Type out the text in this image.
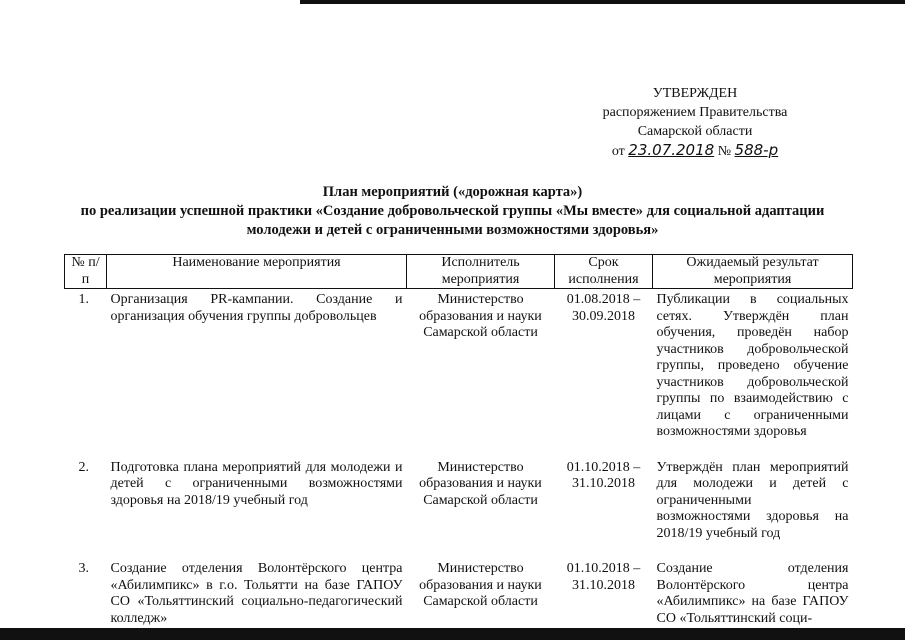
УТВЕРЖДЕН
распоряжением Правительства
Самарской области
от 23.07.2018 № 588-р
План мероприятий («дорожная карта»)
по реализации успешной практики «Создание добровольческой группы «Мы вместе» для социальной адаптации
молодежи и детей с ограниченными возможностями здоровья»
№ п/п	Наименование мероприятия	Исполнитель мероприятия	Срок исполнения	Ожидаемый результат мероприятия
1.	Организация PR-кампании. Создание и организация обучения группы добровольцев	Министерство образования и науки Самарской области	01.08.2018 – 30.09.2018	Публикации в социальных сетях. Утверждён план обучения, проведён набор участников добровольческой группы, проведено обучение участников добровольческой группы по взаимодействию с лицами с ограниченными возможностями здоровья
2.	Подготовка плана мероприятий для молодежи и детей с ограниченными возможностями здоровья на 2018/19 учебный год	Министерство образования и науки Самарской области	01.10.2018 – 31.10.2018	Утверждён план мероприятий для молодежи и детей с ограниченными возможностями здоровья на 2018/19 учебный год
3.	Создание отделения Волонтёрского центра «Абилимпикс» в г.о. Тольятти на базе ГАПОУ СО «Тольяттинский социально-педагогический колледж»	Министерство образования и науки Самарской области	01.10.2018 – 31.10.2018	Создание отделения Волонтёрского центра «Абилимпикс» на базе ГАПОУ СО «Тольяттинский соци-
